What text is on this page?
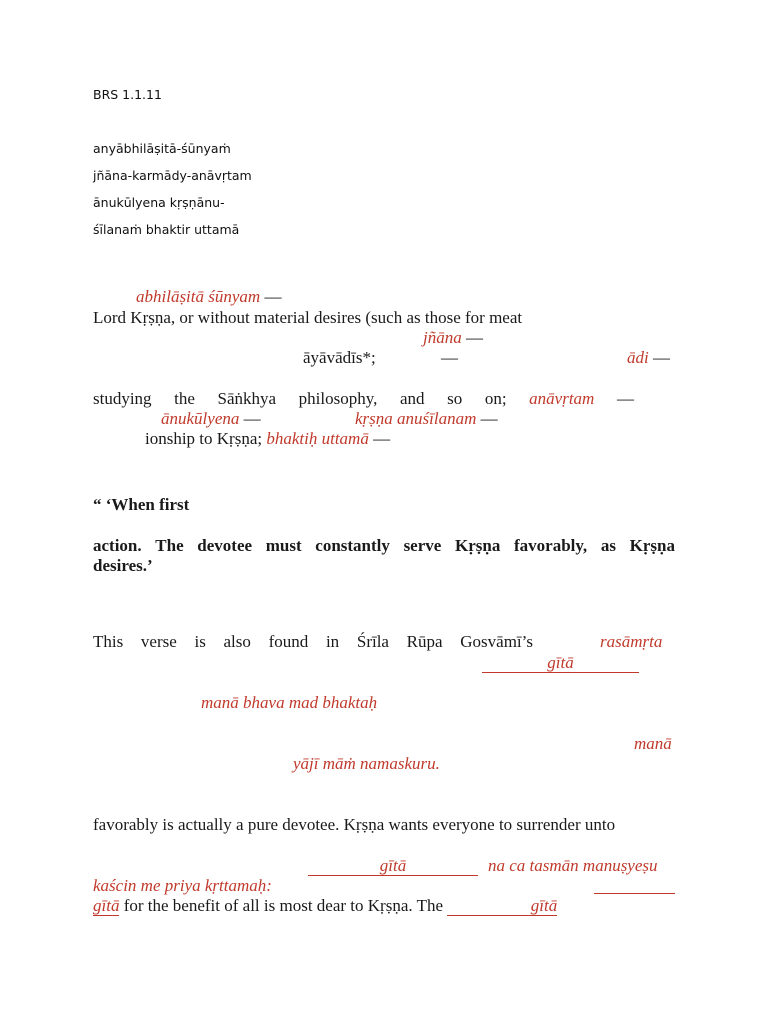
BRS 1.1.11
anyābhilāṣitā-śūnyaṁ
jñāna-karmādy-anāvṛtam
ānukūlyena kṛṣṇānu-
śīlanaṁ bhaktir uttamā
abhilāṣitā śūnyam —
Lord Kṛṣṇa, or without material desires (such as those for meat
jñāna —
āyāvādīs*;	—	ādi —
studying the Sāṅkhya philosophy, and so on; anāvṛtam —
ānukūlyena —	kṛṣṇa anuśīlanam —
ionship to Kṛṣṇa; bhaktiḥ uttamā —
“ ‘When first
action. The devotee must constantly serve Kṛṣṇa favorably, as Kṛṣṇa
desires.’
This verse is also found in Śrīla Rūpa Gosvāmī’s	rasāmṛta
gītā
manā bhava mad bhaktaḥ
manā
yājī māṁ namaskuru.
favorably is actually a pure devotee. Kṛṣṇa wants everyone to surrender unto
gītā	na ca tasmān manuṣyeṣu
kaścin me priya kṛttamaḥ:
gītā for the benefit of all is most dear to Kṛṣṇa. The	gītā
